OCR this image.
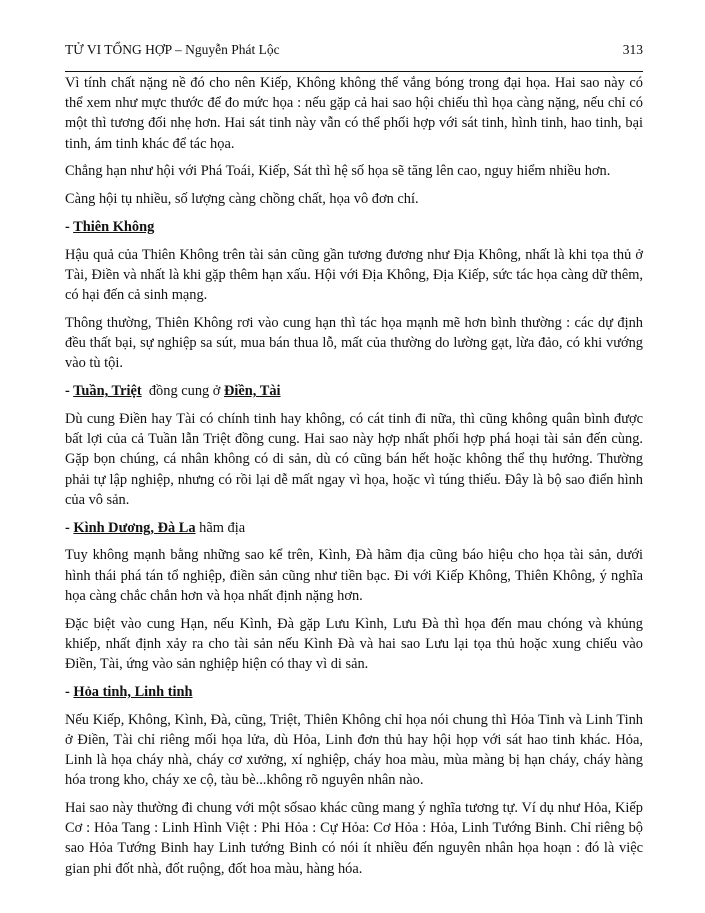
TỬ VI TỔNG HỢP – Nguyễn Phát Lộc	313

Vì tính chất nặng nề đó cho nên Kiếp, Không không thể vắng bóng trong đại họa. Hai sao này có thể xem như mực thước để đo mức họa : nếu gặp cả hai sao hội chiếu thì họa càng nặng, nếu chỉ có một thì tương đối nhẹ hơn. Hai sát tinh này vẫn có thể phối hợp với sát tinh, hình tinh, hao tinh, bại tinh, ám tinh khác để tác họa.

Chẳng hạn như hội với Phá Toái, Kiếp, Sát thì hệ số họa sẽ tăng lên cao, nguy hiểm nhiều hơn.

Càng hội tụ nhiều, số lượng càng chồng chất, họa vô đơn chí.

- Thiên Không

Hậu quả của Thiên Không trên tài sản cũng gần tương đương như Địa Không, nhất là khi tọa thủ ở Tài, Điền và nhất là khi gặp thêm hạn xấu. Hội với Địa Không, Địa Kiếp, sức tác họa càng dữ thêm, có hại đến cả sinh mạng.

Thông thường, Thiên Không rơi vào cung hạn thì tác họa mạnh mẽ hơn bình thường : các dự định đều thất bại, sự nghiệp sa sút, mua bán thua lỗ, mất của thường do lường gạt, lừa đảo, có khi vướng vào tù tội.

- Tuần, Triệt  đồng cung ở Điền, Tài

Dù cung Điền hay Tài có chính tinh hay không, có cát tinh đi nữa, thì cũng không quân bình được bất lợi của cả Tuần lẫn Triệt đồng cung. Hai sao này hợp nhất phối hợp phá hoại tài sản đến cùng. Gặp bọn chúng, cá nhân không có di sản, dù có cũng bán hết hoặc không thể thụ hưởng. Thường phải tự lập nghiệp, nhưng có rồi lại dễ mất ngay vì họa, hoặc vì túng thiếu. Đây là bộ sao điển hình của vô sản.

- Kình Dương, Đà La hãm địa

Tuy không mạnh bằng những sao kể trên, Kình, Đà hãm địa cũng báo hiệu cho họa tài sản, dưới hình thái phá tán tổ nghiệp, điền sản cũng như tiền bạc. Đi với Kiếp Không, Thiên Không, ý nghĩa họa càng chắc chắn hơn và họa nhất định nặng hơn.

Đặc biệt vào cung Hạn, nếu Kình, Đà gặp Lưu Kình, Lưu Đà thì họa đến mau chóng và khủng khiếp, nhất định xảy ra cho tài sản nếu Kình Đà và hai sao Lưu lại tọa thủ hoặc xung chiếu vào Điền, Tài, ứng vào sản nghiệp hiện có thay vì di sản.

- Hỏa tinh, Linh tinh

Nếu Kiếp, Không, Kình, Đà, cũng, Triệt, Thiên Không chỉ họa nói chung thì Hỏa Tinh và Linh Tinh ở Điền, Tài chỉ riêng mối họa lửa, dù Hỏa, Linh đơn thủ hay hội họp với sát hao tinh khác. Hỏa, Linh là họa cháy nhà, cháy cơ xưởng, xí nghiệp, cháy hoa màu, mùa màng bị hạn cháy, cháy hàng hóa trong kho, cháy xe cộ, tàu bè...không rõ nguyên nhân nào.

Hai sao này thường đi chung với một sốsao khác cũng mang ý nghĩa tương tự. Ví dụ như Hỏa, Kiếp Cơ : Hỏa Tang : Linh Hình Việt : Phi Hỏa : Cự Hỏa: Cơ Hỏa : Hỏa, Linh Tướng Binh. Chỉ riêng bộ sao Hỏa Tướng Binh hay Linh tướng Binh có nói ít nhiều đến nguyên nhân họa hoạn : đó là việc gian phi đốt nhà, đốt ruộng, đốt hoa màu, hàng hóa.
